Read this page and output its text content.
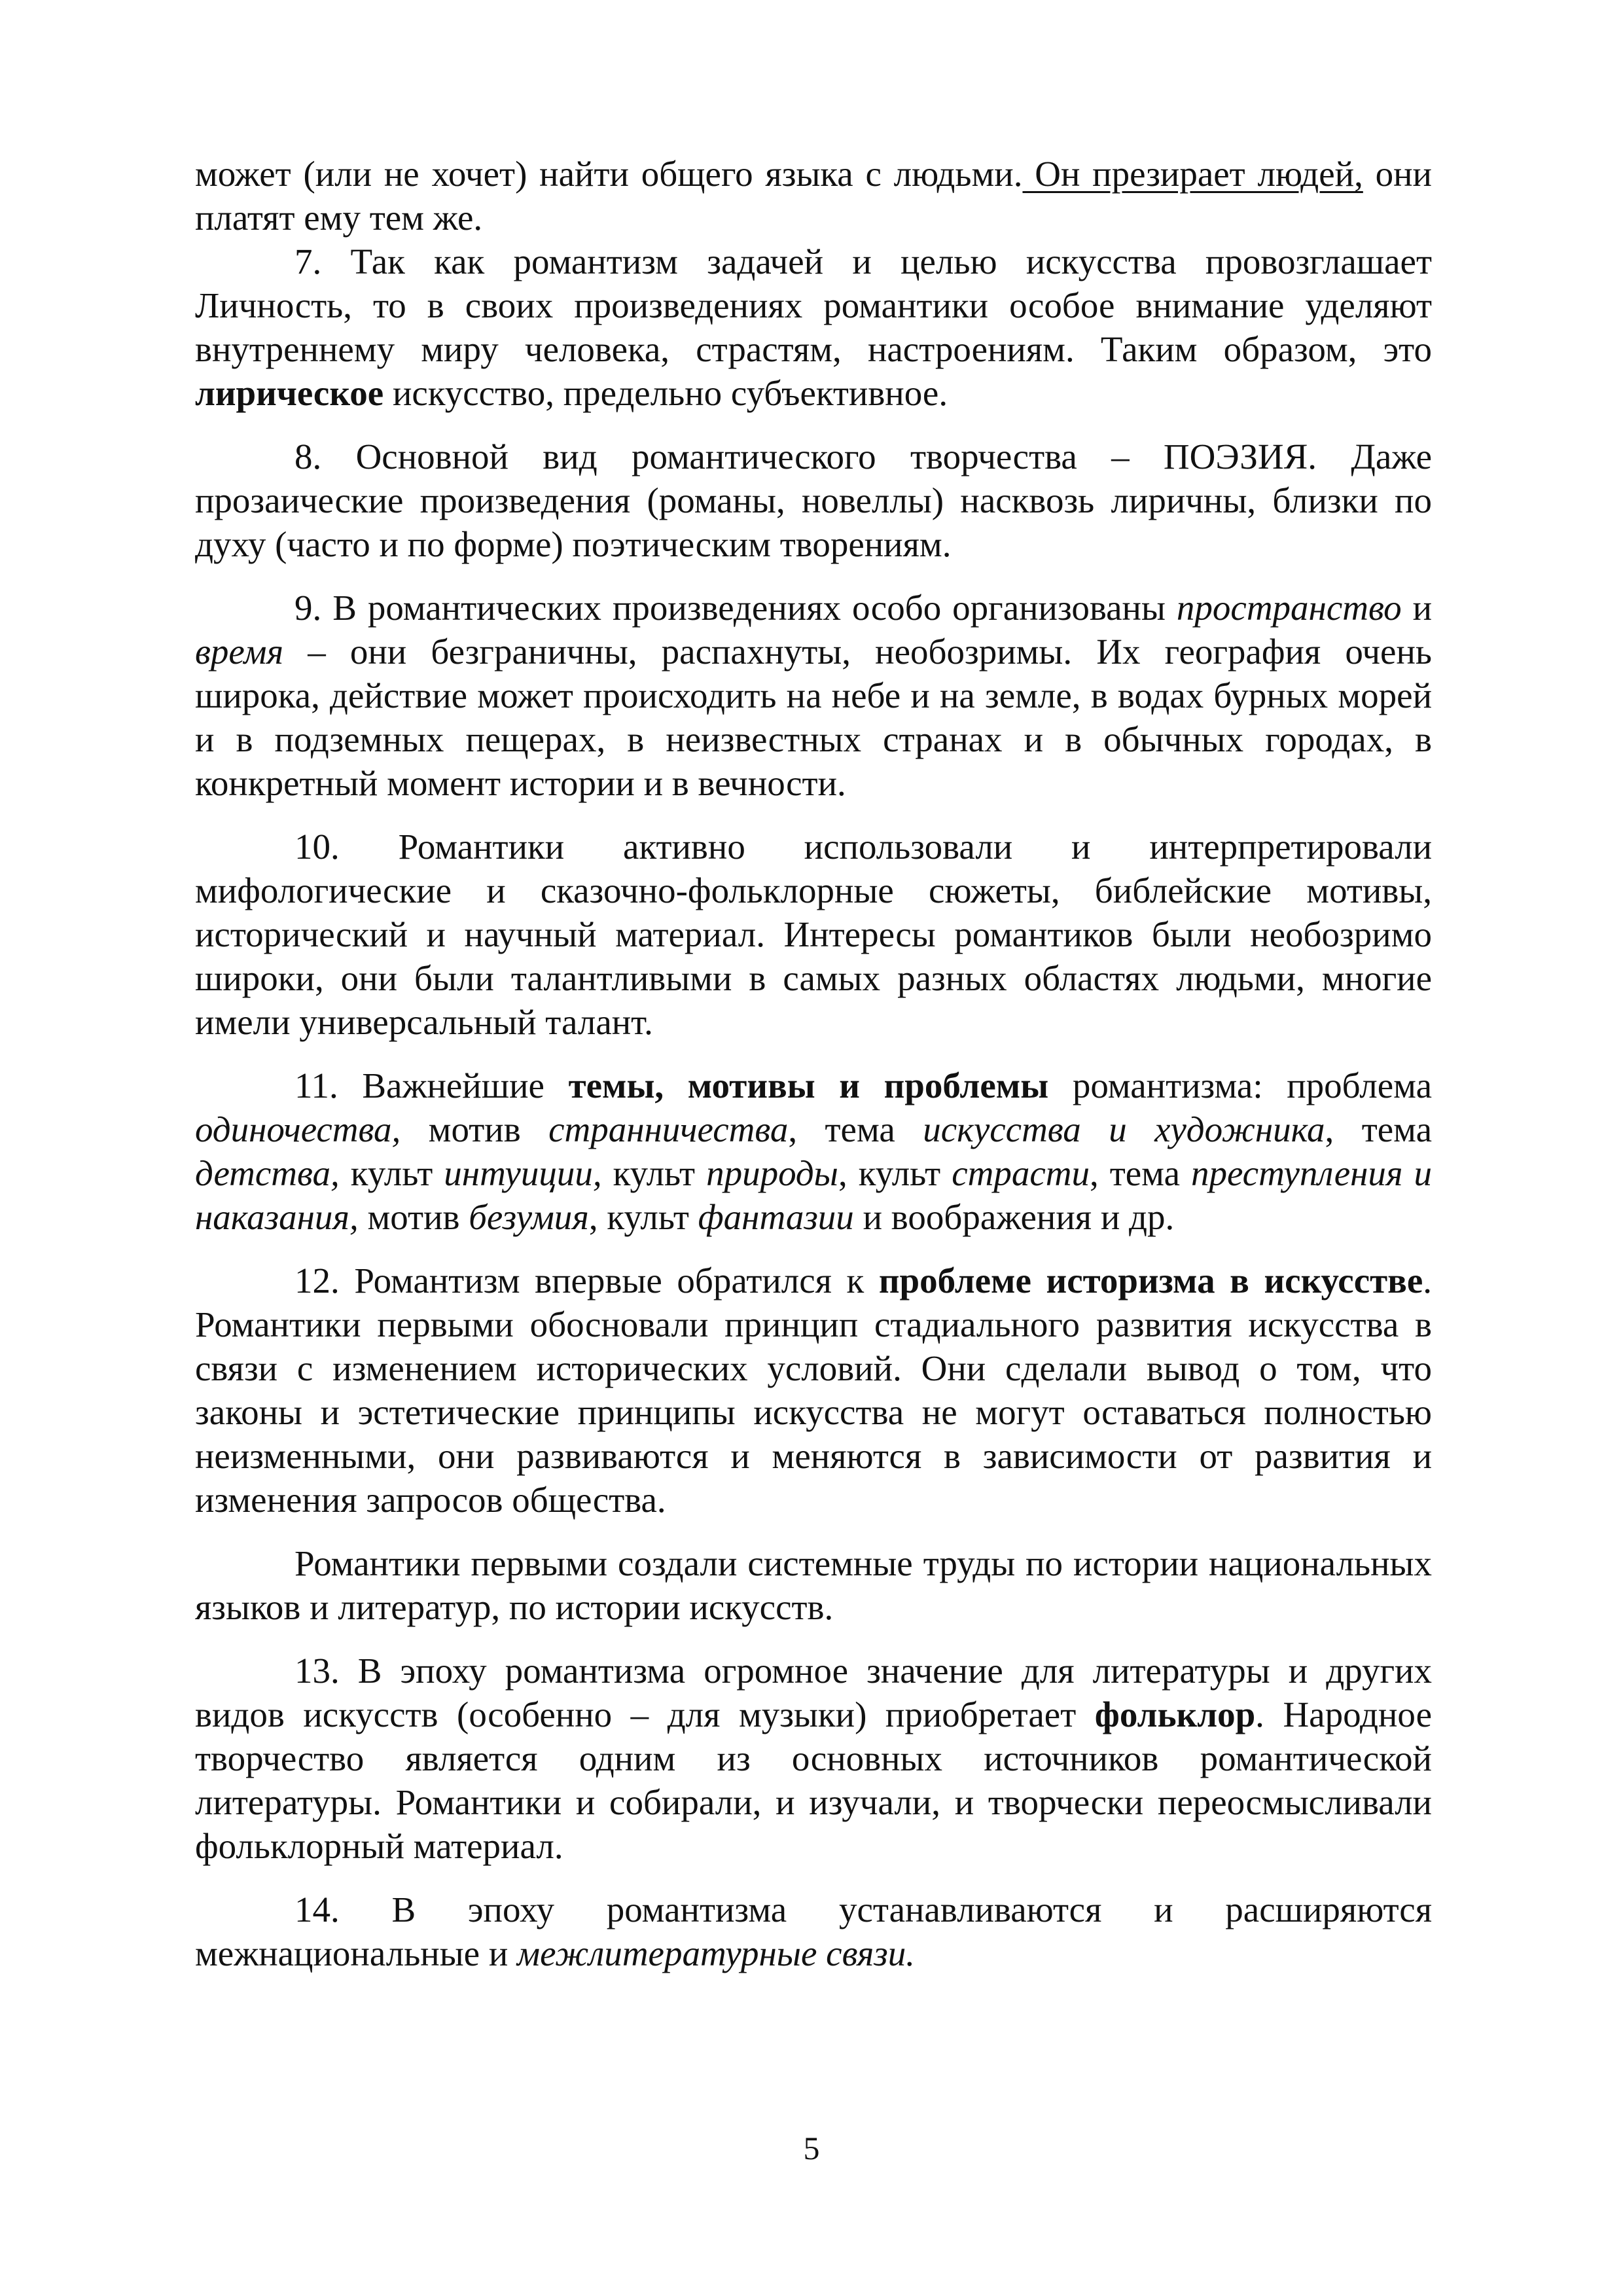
может (или не хочет) найти общего языка с людьми. Он презирает людей, они платят ему тем же.

7. Так как романтизм задачей и целью искусства провозглашает Личность, то в своих произведениях романтики особое внимание уделяют внутреннему миру человека, страстям, настроениям. Таким образом, это лирическое искусство, предельно субъективное.

8. Основной вид романтического творчества – ПОЭЗИЯ. Даже прозаические произведения (романы, новеллы) насквозь лиричны, близки по духу (часто и по форме) поэтическим творениям.

9. В романтических произведениях особо организованы пространство и время – они безграничны, распахнуты, необозримы. Их география очень широка, действие может происходить на небе и на земле, в водах бурных морей и в подземных пещерах, в неизвестных странах и в обычных городах, в конкретный момент истории и в вечности.

10. Романтики активно использовали и интерпретировали мифологические и сказочно-фольклорные сюжеты, библейские мотивы, исторический и научный материал. Интересы романтиков были необозримо широки, они были талантливыми в самых разных областях людьми, многие имели универсальный талант.

11. Важнейшие темы, мотивы и проблемы романтизма: проблема одиночества, мотив странничества, тема искусства и художника, тема детства, культ интуиции, культ природы, культ страсти, тема преступления и наказания, мотив безумия, культ фантазии и воображения и др.

12. Романтизм впервые обратился к проблеме историзма в искусстве. Романтики первыми обосновали принцип стадиального развития искусства в связи с изменением исторических условий. Они сделали вывод о том, что законы и эстетические принципы искусства не могут оставаться полностью неизменными, они развиваются и меняются в зависимости от развития и изменения запросов общества.

Романтики первыми создали системные труды по истории национальных языков и литератур, по истории искусств.

13. В эпоху романтизма огромное значение для литературы и других видов искусств (особенно – для музыки) приобретает фольклор. Народное творчество является одним из основных источников романтической литературы. Романтики и собирали, и изучали, и творчески переосмысливали фольклорный материал.

14. В эпоху романтизма устанавливаются и расширяются межнациональные и межлитературные связи.

5
